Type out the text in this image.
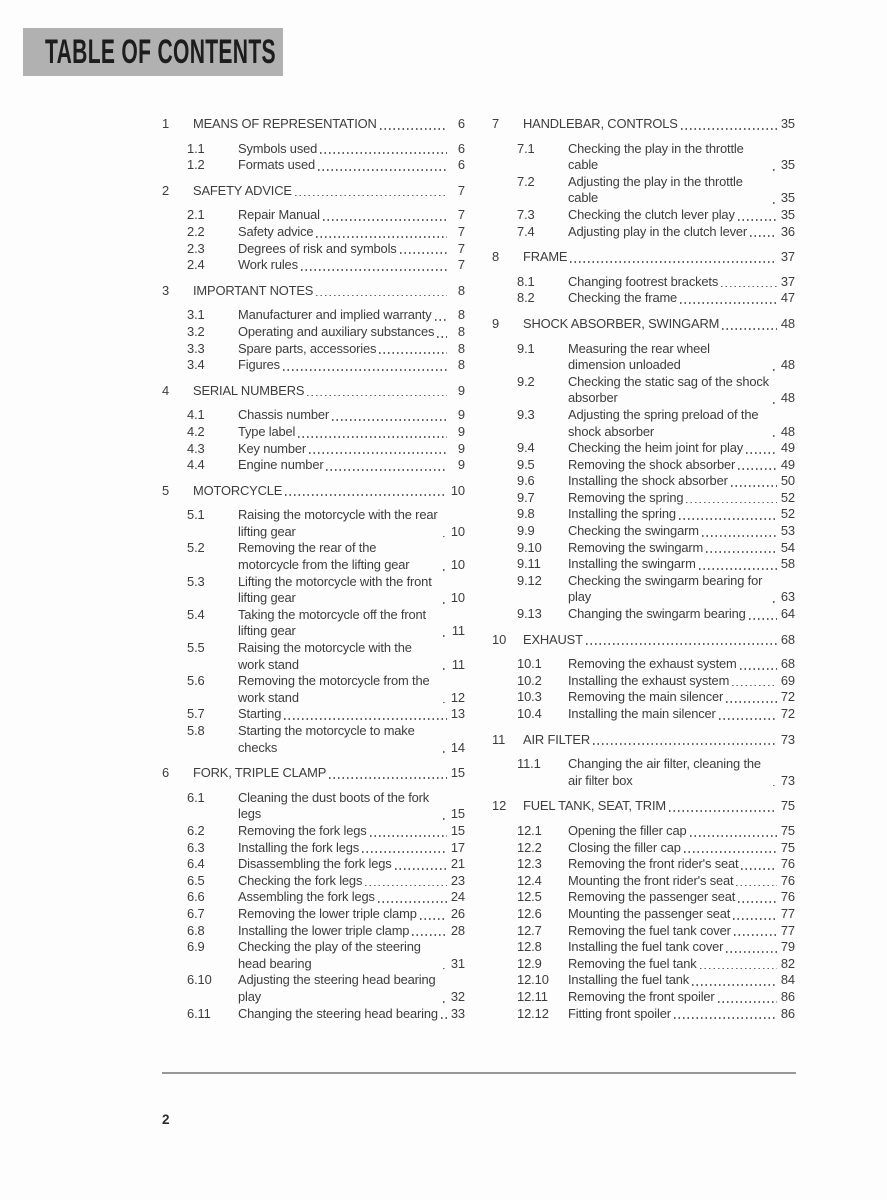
TABLE OF CONTENTS
1	MEANS OF REPRESENTATION	6
1.1	Symbols used	6
1.2	Formats used	6
2	SAFETY ADVICE	7
2.1	Repair Manual	7
2.2	Safety advice	7
2.3	Degrees of risk and symbols	7
2.4	Work rules	7
3	IMPORTANT NOTES	8
3.1	Manufacturer and implied warranty	8
3.2	Operating and auxiliary substances	8
3.3	Spare parts, accessories	8
3.4	Figures	8
4	SERIAL NUMBERS	9
4.1	Chassis number	9
4.2	Type label	9
4.3	Key number	9
4.4	Engine number	9
5	MOTORCYCLE	10
5.1	Raising the motorcycle with the rear lifting gear	10
5.2	Removing the rear of the motorcycle from the lifting gear	10
5.3	Lifting the motorcycle with the front lifting gear	10
5.4	Taking the motorcycle off the front lifting gear	11
5.5	Raising the motorcycle with the work stand	11
5.6	Removing the motorcycle from the work stand	12
5.7	Starting	13
5.8	Starting the motorcycle to make checks	14
6	FORK, TRIPLE CLAMP	15
6.1	Cleaning the dust boots of the fork legs	15
6.2	Removing the fork legs	15
6.3	Installing the fork legs	17
6.4	Disassembling the fork legs	21
6.5	Checking the fork legs	23
6.6	Assembling the fork legs	24
6.7	Removing the lower triple clamp	26
6.8	Installing the lower triple clamp	28
6.9	Checking the play of the steering head bearing	31
6.10	Adjusting the steering head bearing play	32
6.11	Changing the steering head bearing 33
7	HANDLEBAR, CONTROLS	35
7.1	Checking the play in the throttle cable	35
7.2	Adjusting the play in the throttle cable	35
7.3	Checking the clutch lever play	35
7.4	Adjusting play in the clutch lever	36
8	FRAME	37
8.1	Changing footrest brackets	37
8.2	Checking the frame	47
9	SHOCK ABSORBER, SWINGARM	48
9.1	Measuring the rear wheel dimension unloaded	48
9.2	Checking the static sag of the shock absorber	48
9.3	Adjusting the spring preload of the shock absorber	48
9.4	Checking the heim joint for play	49
9.5	Removing the shock absorber	49
9.6	Installing the shock absorber	50
9.7	Removing the spring	52
9.8	Installing the spring	52
9.9	Checking the swingarm	53
9.10	Removing the swingarm	54
9.11	Installing the swingarm	58
9.12	Checking the swingarm bearing for play	63
9.13	Changing the swingarm bearing	64
10	EXHAUST	68
10.1	Removing the exhaust system	68
10.2	Installing the exhaust system	69
10.3	Removing the main silencer	72
10.4	Installing the main silencer	72
11	AIR FILTER	73
11.1	Changing the air filter, cleaning the air filter box	73
12	FUEL TANK, SEAT, TRIM	75
12.1	Opening the filler cap	75
12.2	Closing the filler cap	75
12.3	Removing the front rider's seat	76
12.4	Mounting the front rider's seat	76
12.5	Removing the passenger seat	76
12.6	Mounting the passenger seat	77
12.7	Removing the fuel tank cover	77
12.8	Installing the fuel tank cover	79
12.9	Removing the fuel tank	82
12.10	Installing the fuel tank	84
12.11	Removing the front spoiler	86
12.12	Fitting front spoiler	86
2
